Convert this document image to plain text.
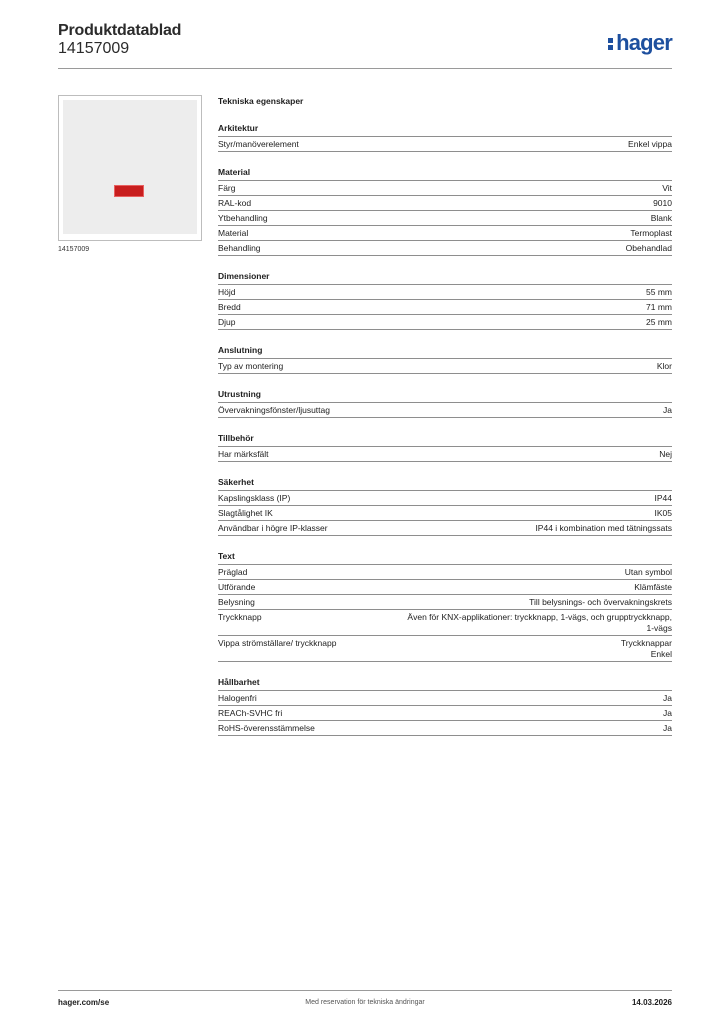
Produktdatablad
14157009	hager
14157009
Tekniska egenskaper
Arkitektur
Styr/manöverelement	Enkel vippa
Material
Färg	Vit
RAL-kod	9010
Ytbehandling	Blank
Material	Termoplast
Behandling	Obehandlad
Dimensioner
Höjd	55 mm
Bredd	71 mm
Djup	25 mm
Anslutning
Typ av montering	Klor
Utrustning
Övervakningsfönster/ljusuttag	Ja
Tillbehör
Har märksfält	Nej
Säkerhet
Kapslingsklass (IP)	IP44
Slagtålighet IK	IK05
Användbar i högre IP-klasser	IP44 i kombination med tätningssats
Text
Präglad	Utan symbol
Utförande	Klämfäste
Belysning	Till belysnings- och övervakningskrets
Tryckknapp	Även för KNX-applikationer: tryckknapp, 1-vägs, och grupptryckknapp,
1-vägs
Vippa strömställare/ tryckknapp	Tryckknappar
Enkel
Hållbarhet
Halogenfri	Ja
REACh-SVHC fri	Ja
RoHS-överensstämmelse	Ja
hager.com/se	Med reservation för tekniska ändringar	14.03.2026
